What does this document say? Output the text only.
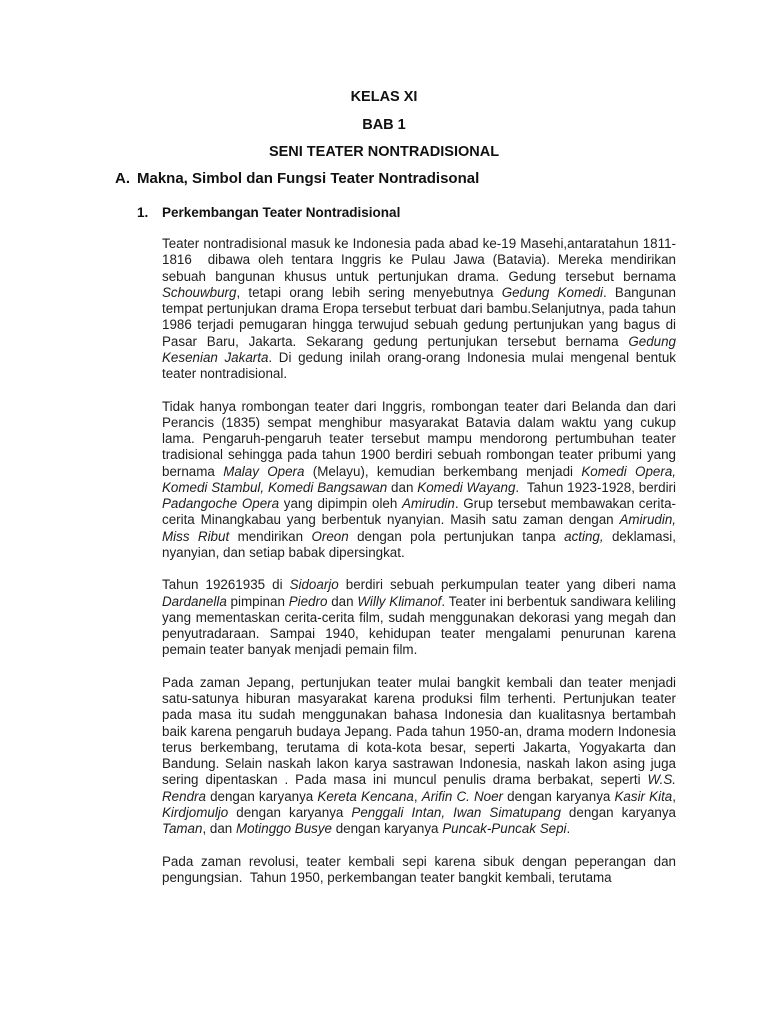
KELAS XI
BAB 1
SENI TEATER NONTRADISIONAL
A. Makna, Simbol dan Fungsi Teater Nontradisonal
1. Perkembangan Teater Nontradisional

Teater nontradisional masuk ke Indonesia pada abad ke-19 Masehi,antaratahun 1811-1816  dibawa oleh tentara Inggris ke Pulau Jawa (Batavia). Mereka mendirikan sebuah bangunan khusus untuk pertunjukan drama. Gedung tersebut bernama Schouwburg, tetapi orang lebih sering menyebutnya Gedung Komedi. Bangunan tempat pertunjukan drama Eropa tersebut terbuat dari bambu.Selanjutnya, pada tahun 1986 terjadi pemugaran hingga terwujud sebuah gedung pertunjukan yang bagus di Pasar Baru, Jakarta. Sekarang gedung pertunjukan tersebut bernama Gedung Kesenian Jakarta. Di gedung inilah orang-orang Indonesia mulai mengenal bentuk teater nontradisional.

Tidak hanya rombongan teater dari Inggris, rombongan teater dari Belanda dan dari Perancis (1835) sempat menghibur masyarakat Batavia dalam waktu yang cukup lama. Pengaruh-pengaruh teater tersebut mampu mendorong pertumbuhan teater tradisional sehingga pada tahun 1900 berdiri sebuah rombongan teater pribumi yang bernama Malay Opera (Melayu), kemudian berkembang menjadi Komedi Opera, Komedi Stambul, Komedi Bangsawan dan Komedi Wayang.  Tahun 1923-1928, berdiri Padangoche Opera yang dipimpin oleh Amirudin. Grup tersebut membawakan cerita-cerita Minangkabau yang berbentuk nyanyian. Masih satu zaman dengan Amirudin, Miss Ribut mendirikan Oreon dengan pola pertunjukan tanpa acting, deklamasi, nyanyian, dan setiap babak dipersingkat.

Tahun 19261935 di Sidoarjo berdiri sebuah perkumpulan teater yang diberi nama Dardanella pimpinan Piedro dan Willy Klimanof. Teater ini berbentuk sandiwara keliling yang mementaskan cerita-cerita film, sudah menggunakan dekorasi yang megah dan penyutradaraan. Sampai 1940, kehidupan teater mengalami penurunan karena pemain teater banyak menjadi pemain film.

Pada zaman Jepang, pertunjukan teater mulai bangkit kembali dan teater menjadi satu-satunya hiburan masyarakat karena produksi film terhenti. Pertunjukan teater pada masa itu sudah menggunakan bahasa Indonesia dan kualitasnya bertambah baik karena pengaruh budaya Jepang. Pada tahun 1950-an, drama modern Indonesia terus berkembang, terutama di kota-kota besar, seperti Jakarta, Yogyakarta dan Bandung. Selain naskah lakon karya sastrawan Indonesia, naskah lakon asing juga sering dipentaskan . Pada masa ini muncul penulis drama berbakat, seperti W.S. Rendra dengan karyanya Kereta Kencana, Arifin C. Noer dengan karyanya Kasir Kita, Kirdjomuljo dengan karyanya Penggali Intan, Iwan Simatupang dengan karyanya Taman, dan Motinggo Busye dengan karyanya Puncak-Puncak Sepi.

Pada zaman revolusi, teater kembali sepi karena sibuk dengan peperangan dan pengungsian.  Tahun 1950, perkembangan teater bangkit kembali, terutama
